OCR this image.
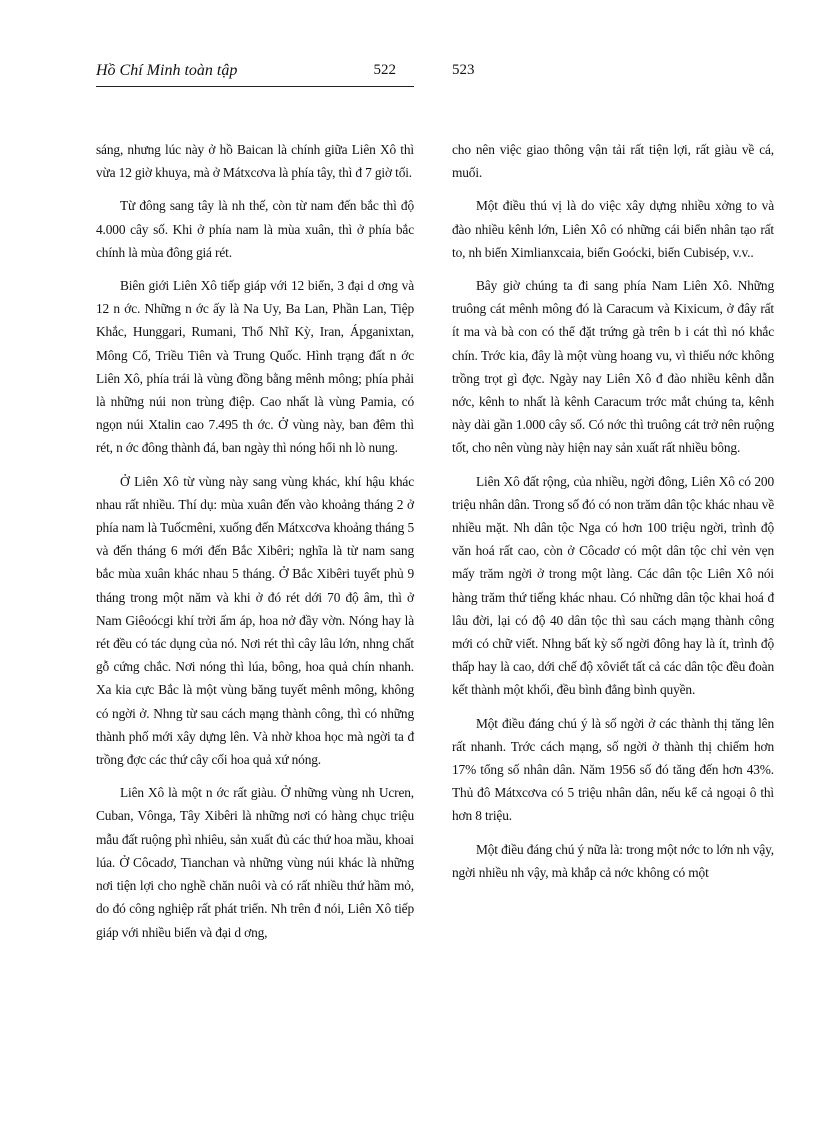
Hồ Chí Minh toàn tập	522	523

sáng, nhưng lúc này ở hồ Baican là chính giữa Liên Xô thì vừa 12 giờ khuya, mà ở Mátxcơva là phía tây, thì đ 7 giờ tối.

Từ đông sang tây là nh thế, còn từ nam đến bắc thì độ 4.000 cây số. Khi ở phía nam là mùa xuân, thì ở phía bắc chính là mùa đông giá rét.

Biên giới Liên Xô tiếp giáp với 12 biển, 3 đại d ơng và 12 n ớc. Những n ớc ấy là Na Uy, Ba Lan, Phần Lan, Tiệp Khắc, Hunggari, Rumani, Thổ Nhĩ Kỳ, Iran, Ápganixtan, Mông Cổ, Triều Tiên và Trung Quốc. Hình trạng đất n ớc Liên Xô, phía trái là vùng đồng bằng mênh mông; phía phải là những núi non trùng điệp. Cao nhất là vùng Pamia, có ngọn núi Xtalin cao 7.495 th ớc. Ở vùng này, ban đêm thì rét, n ớc đông thành đá, ban ngày thì nóng hổi nh lò nung.

Ở Liên Xô từ vùng này sang vùng khác, khí hậu khác nhau rất nhiều. Thí dụ: mùa xuân đến vào khoảng tháng 2 ở phía nam là Tuốcmêni, xuống đến Mátxcơva khoảng tháng 5 và đến tháng 6 mới đến Bắc Xibêri; nghĩa là từ nam sang bắc mùa xuân khác nhau 5 tháng. Ở Bắc Xibêri tuyết phủ 9 tháng trong một năm và khi ở đó rét dới 70 độ âm, thì ở Nam Giêoócgi khí trời ấm áp, hoa nở đầy vờn. Nóng hay là rét đều có tác dụng của nó. Nơi rét thì cây lâu lớn, nhng chất gỗ cứng chắc. Nơi nóng thì lúa, bông, hoa quả chín nhanh. Xa kia cực Bắc là một vùng băng tuyết mênh mông, không có ngời ở. Nhng từ sau cách mạng thành công, thì có những thành phố mới xây dựng lên. Và nhờ khoa học mà ngời ta đ trồng đợc các thứ cây cối hoa quả xứ nóng.

Liên Xô là một n ớc rất giàu. Ở những vùng nh Ucren, Cuban, Vônga, Tây Xibêri là những nơi có hàng chục triệu mẫu đất ruộng phì nhiêu, sản xuất đủ các thứ hoa mầu, khoai lúa. Ở Côcadơ, Tianchan và những vùng núi khác là những nơi tiện lợi cho nghề chăn nuôi và có rất nhiều thứ hầm mỏ, do đó công nghiệp rất phát triển. Nh trên đ nói, Liên Xô tiếp giáp với nhiều biển và đại d ơng,

cho nên việc giao thông vận tải rất tiện lợi, rất giàu về cá, muối.

Một điều thú vị là do việc xây dựng nhiều xởng to và đào nhiều kênh lớn, Liên Xô có những cái biển nhân tạo rất to, nh biển Ximlianxcaia, biển Goócki, biển Cubisép, v.v..

Bây giờ chúng ta đi sang phía Nam Liên Xô. Những truông cát mênh mông đó là Caracum và Kixicum, ở đây rất ít ma và bà con có thể đặt trứng gà trên b i cát thì nó khắc chín. Trớc kia, đây là một vùng hoang vu, vì thiếu nớc không trồng trọt gì đợc. Ngày nay Liên Xô đ đào nhiều kênh dẫn nớc, kênh to nhất là kênh Caracum trớc mắt chúng ta, kênh này dài gần 1.000 cây số. Có nớc thì truông cát trở nên ruộng tốt, cho nên vùng này hiện nay sản xuất rất nhiều bông.

Liên Xô đất rộng, của nhiều, ngời đông, Liên Xô có 200 triệu nhân dân. Trong số đó có non trăm dân tộc khác nhau về nhiều mặt. Nh dân tộc Nga có hơn 100 triệu ngời, trình độ văn hoá rất cao, còn ở Côcadơ có một dân tộc chỉ vẻn vẹn mấy trăm ngời ở trong một làng. Các dân tộc Liên Xô nói hàng trăm thứ tiếng khác nhau. Có những dân tộc khai hoá đ lâu đời, lại có độ 40 dân tộc thì sau cách mạng thành công mới có chữ viết. Nhng bất kỳ số ngời đông hay là ít, trình độ thấp hay là cao, dới chế độ xôviết tất cả các dân tộc đều đoàn kết thành một khối, đều bình đẳng bình quyền.

Một điều đáng chú ý là số ngời ở các thành thị tăng lên rất nhanh. Trớc cách mạng, số ngời ở thành thị chiếm hơn 17% tổng số nhân dân. Năm 1956 số đó tăng đến hơn 43%. Thủ đô Mátxcơva có 5 triệu nhân dân, nếu kể cả ngoại ô thì hơn 8 triệu.

Một điều đáng chú ý nữa là: trong một nớc to lớn nh vậy, ngời nhiều nh vậy, mà khắp cả nớc không có một
